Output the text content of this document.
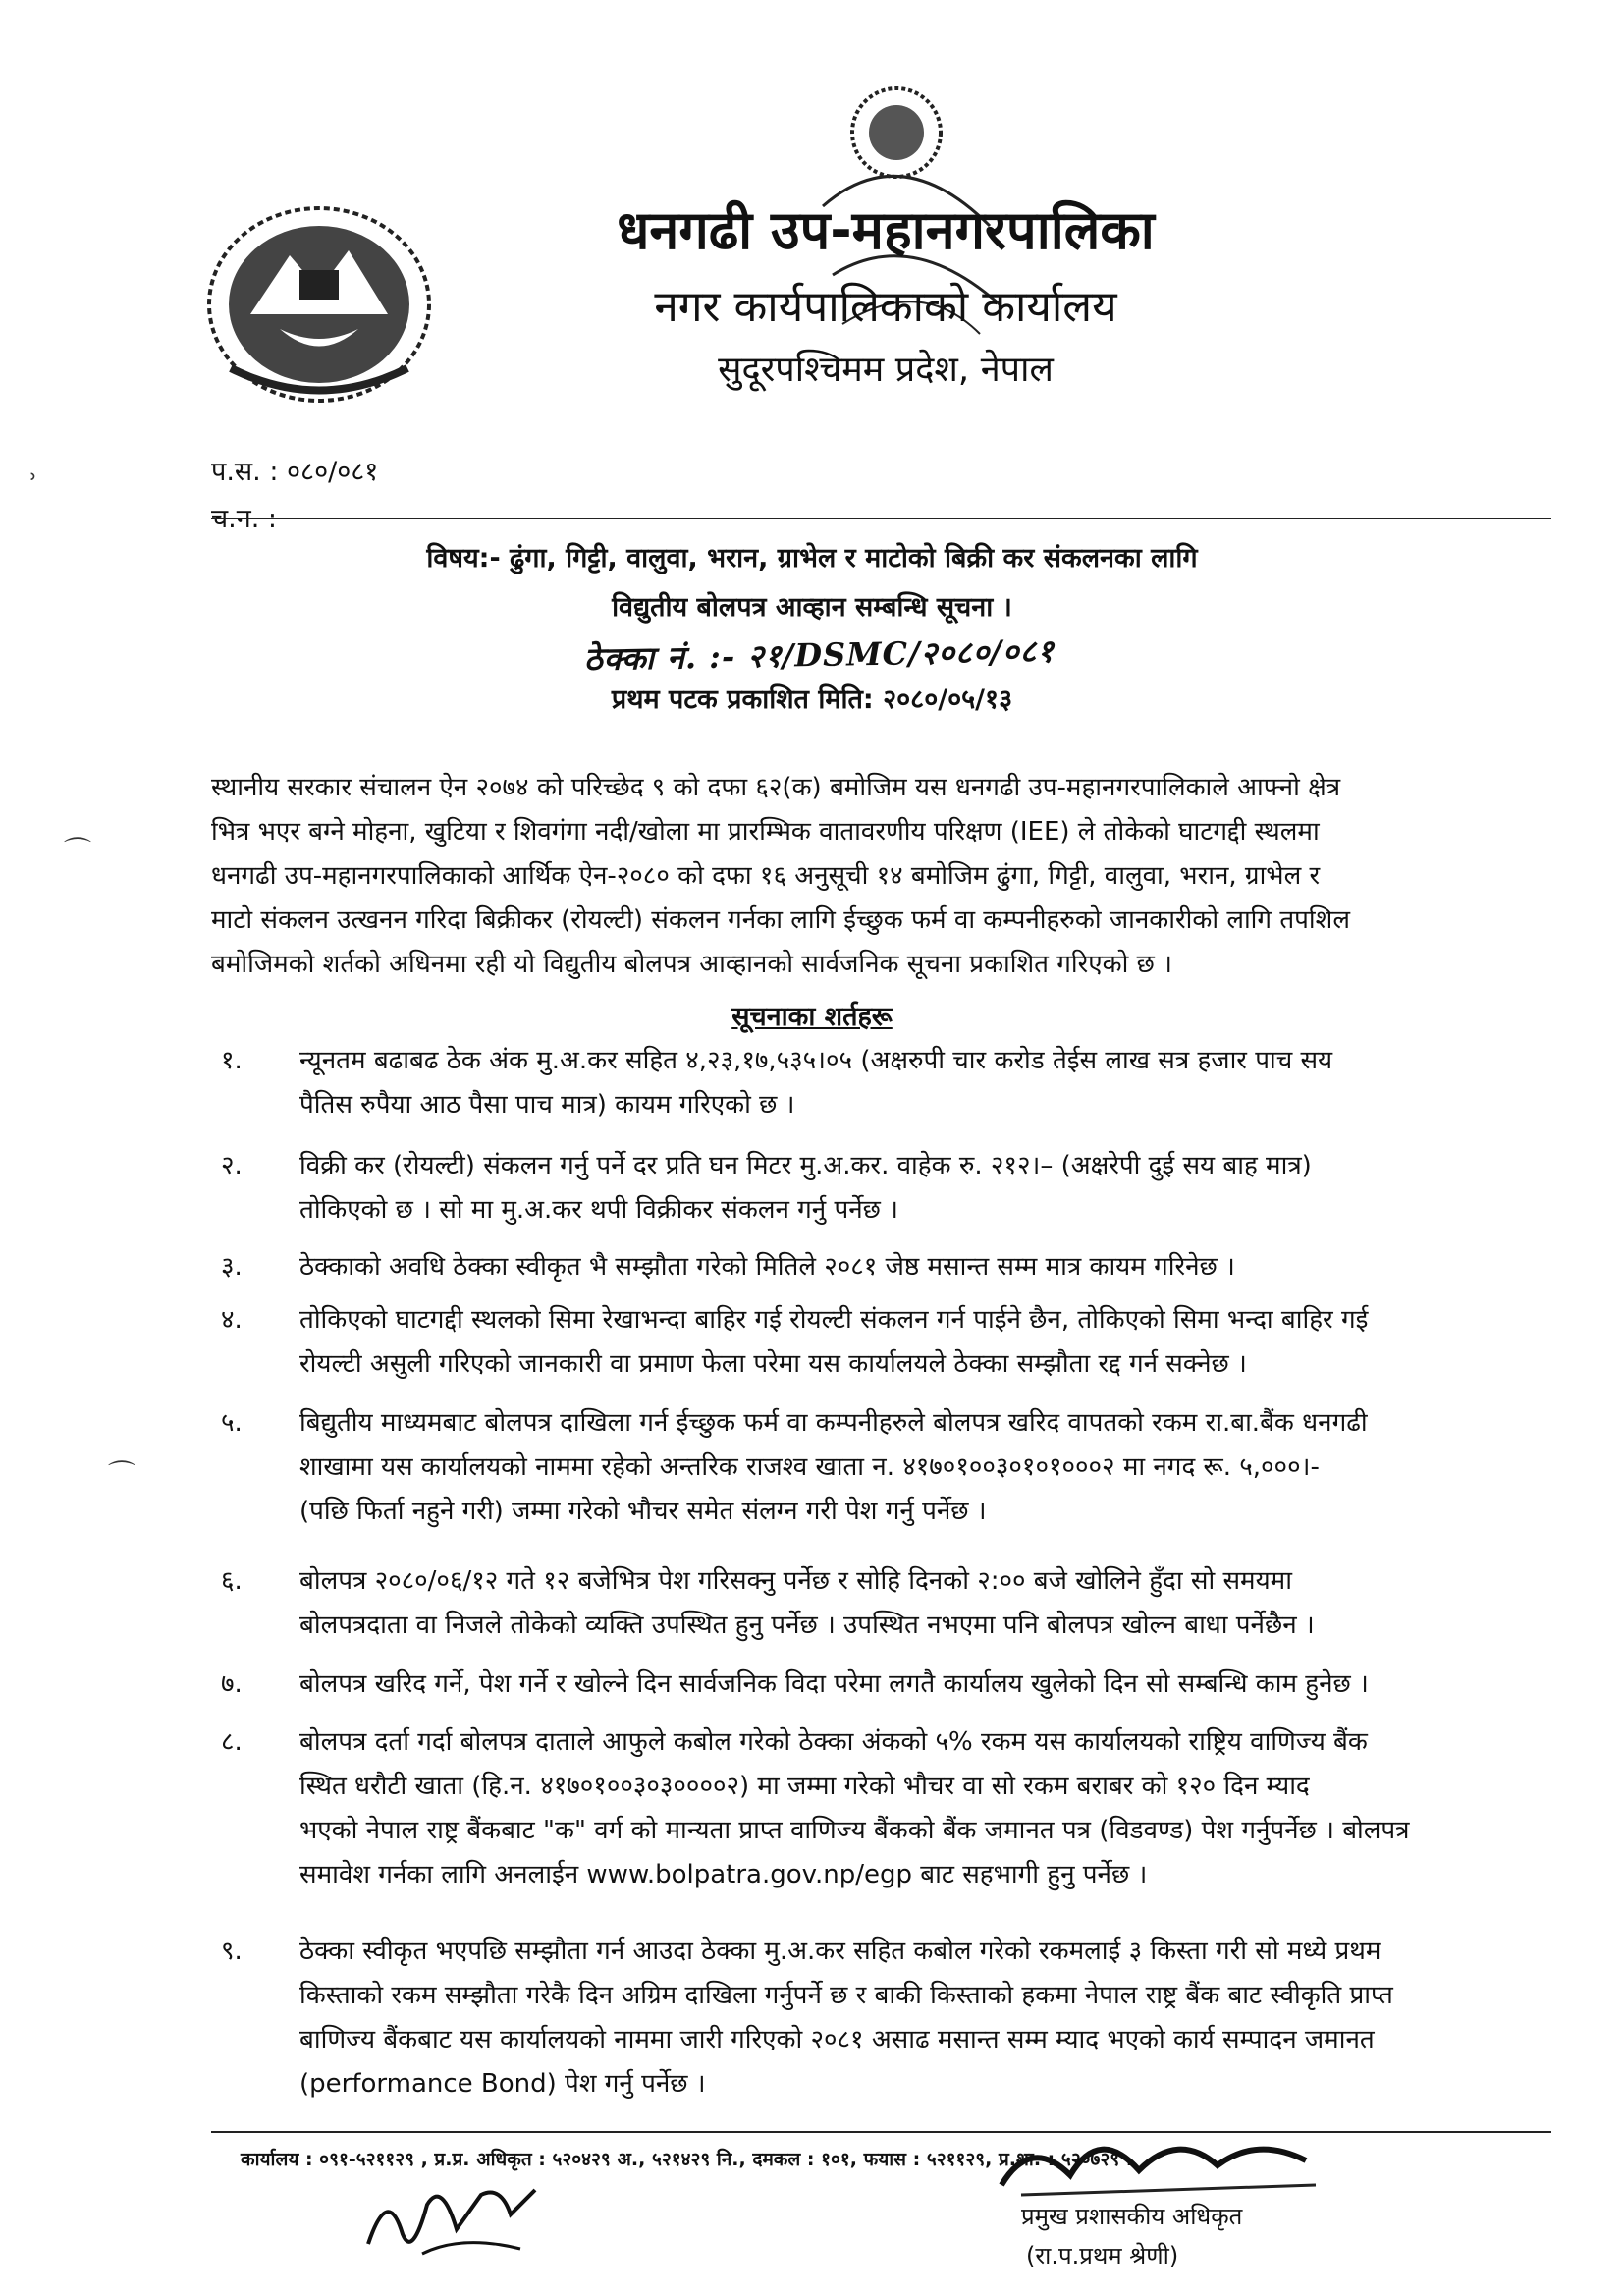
धनगढी उप-महानगरपालिका
नगर कार्यपालिकाको कार्यालय
सुदूरपश्चिमम प्रदेश, नेपाल
˒	प.स. : ०८०/०८१
च.न. :
विषय:- ढुंगा, गिट्टी, वालुवा, भरान, ग्राभेल र माटोको बिक्री कर संकलनका लागि
विद्युतीय बोलपत्र आव्हान सम्बन्धि सूचना ।
ठेक्का नं. :- २१/DSMC/२०८०/०८१
प्रथम पटक प्रकाशित मिति: २०८०/०५/१३
⌒
⌒
स्थानीय सरकार संचालन ऐन २०७४ को परिच्छेद ९ को दफा ६२(क) बमोजिम यस धनगढी उप-महानगरपालिकाले आफ्नो क्षेत्र
भित्र भएर बग्ने मोहना, खुटिया र शिवगंगा नदी/खोला मा प्रारम्भिक वातावरणीय परिक्षण (IEE) ले तोकेको घाटगद्दी स्थलमा
धनगढी उप-महानगरपालिकाको आर्थिक ऐन-२०८० को दफा १६ अनुसूची १४ बमोजिम ढुंगा, गिट्टी, वालुवा, भरान, ग्राभेल र
माटो संकलन उत्खनन गरिदा बिक्रीकर (रोयल्टी) संकलन गर्नका लागि ईच्छुक फर्म वा कम्पनीहरुको जानकारीको लागि तपशिल
बमोजिमको शर्तको अधिनमा रही यो विद्युतीय बोलपत्र आव्हानको सार्वजनिक सूचना प्रकाशित गरिएको छ ।
सूचनाका शर्तहरू
१.	न्यूनतम बढाबढ ठेक अंक मु.अ.कर सहित ४,२३,१७,५३५।०५ (अक्षरुपी चार करोड तेईस लाख सत्र हजार पाच सय
पैतिस रुपैया आठ पैसा पाच मात्र) कायम गरिएको छ ।
२.	विक्री कर (रोयल्टी) संकलन गर्नु पर्ने दर प्रति घन मिटर मु.अ.कर. वाहेक रु. २१२।– (अक्षरेपी दुई सय बाह मात्र)
तोकिएको छ । सो मा मु.अ.कर थपी विक्रीकर संकलन गर्नु पर्नेछ ।
३.	ठेक्काको अवधि ठेक्का स्वीकृत भै सम्झौता गरेको मितिले २०८१ जेष्ठ मसान्त सम्म मात्र कायम गरिनेछ ।
४.	तोकिएको घाटगद्दी स्थलको सिमा रेखाभन्दा बाहिर गई रोयल्टी संकलन गर्न पाईने छैन, तोकिएको सिमा भन्दा बाहिर गई
रोयल्टी असुली गरिएको जानकारी वा प्रमाण फेला परेमा यस कार्यालयले ठेक्का सम्झौता रद्द गर्न सक्नेछ ।
५.	बिद्युतीय माध्यमबाट बोलपत्र दाखिला गर्न ईच्छुक फर्म वा कम्पनीहरुले बोलपत्र खरिद वापतको रकम रा.बा.बैंक धनगढी
शाखामा यस कार्यालयको नाममा रहेको अन्तरिक राजश्व खाता न. ४१७०१००३०१०१०००२ मा नगद रू. ५,०००।-
(पछि फिर्ता नहुने गरी) जम्मा गरेको भौचर समेत संलग्न गरी पेश गर्नु पर्नेछ ।
६.	बोलपत्र २०८०/०६/१२ गते १२ बजेभित्र पेश गरिसक्नु पर्नेछ र सोहि दिनको २:०० बजे खोलिने हुँदा सो समयमा
बोलपत्रदाता वा निजले तोकेको व्यक्ति उपस्थित हुनु पर्नेछ । उपस्थित नभएमा पनि बोलपत्र खोल्न बाधा पर्नेछैन ।
७.	बोलपत्र खरिद गर्ने, पेश गर्ने र खोल्ने दिन सार्वजनिक विदा परेमा लगतै कार्यालय खुलेको दिन सो सम्बन्धि काम हुनेछ ।
८.	बोलपत्र दर्ता गर्दा बोलपत्र दाताले आफुले कबोल गरेको ठेक्का अंकको ५% रकम यस कार्यालयको राष्ट्रिय वाणिज्य बैंक
स्थित धरौटी खाता (हि.न. ४१७०१००३०३००००२) मा जम्मा गरेको भौचर वा सो रकम बराबर को १२० दिन म्याद
भएको नेपाल राष्ट्र बैंकबाट "क" वर्ग को मान्यता प्राप्त वाणिज्य बैंकको बैंक जमानत पत्र (विडवण्ड) पेश गर्नुपर्नेछ । बोलपत्र
समावेश गर्नका लागि अनलाईन www.bolpatra.gov.np/egp बाट सहभागी हुनु पर्नेछ ।
९.	ठेक्का स्वीकृत भएपछि सम्झौता गर्न आउदा ठेक्का मु.अ.कर सहित कबोल गरेको रकमलाई ३ किस्ता गरी सो मध्ये प्रथम
किस्ताको रकम सम्झौता गरेकै दिन अग्रिम दाखिला गर्नुपर्ने छ र बाकी किस्ताको हकमा नेपाल राष्ट्र बैंक बाट स्वीकृति प्राप्त
बाणिज्य बैंकबाट यस कार्यालयको नाममा जारी गरिएको २०८१ असाढ मसान्त सम्म म्याद भएको कार्य सम्पादन जमानत
(performance Bond) पेश गर्नु पर्नेछ ।
कार्यालय : ०९१-५२११२९ , प्र.प्र. अधिकृत : ५२०४२९ अ., ५२१४२९ नि., दमकल : १०१, फयास : ५२११२९, प्र.शा. : ५२०७२९ .
प्रमुख प्रशासकीय अधिकृत
(रा.प.प्रथम श्रेणी)
